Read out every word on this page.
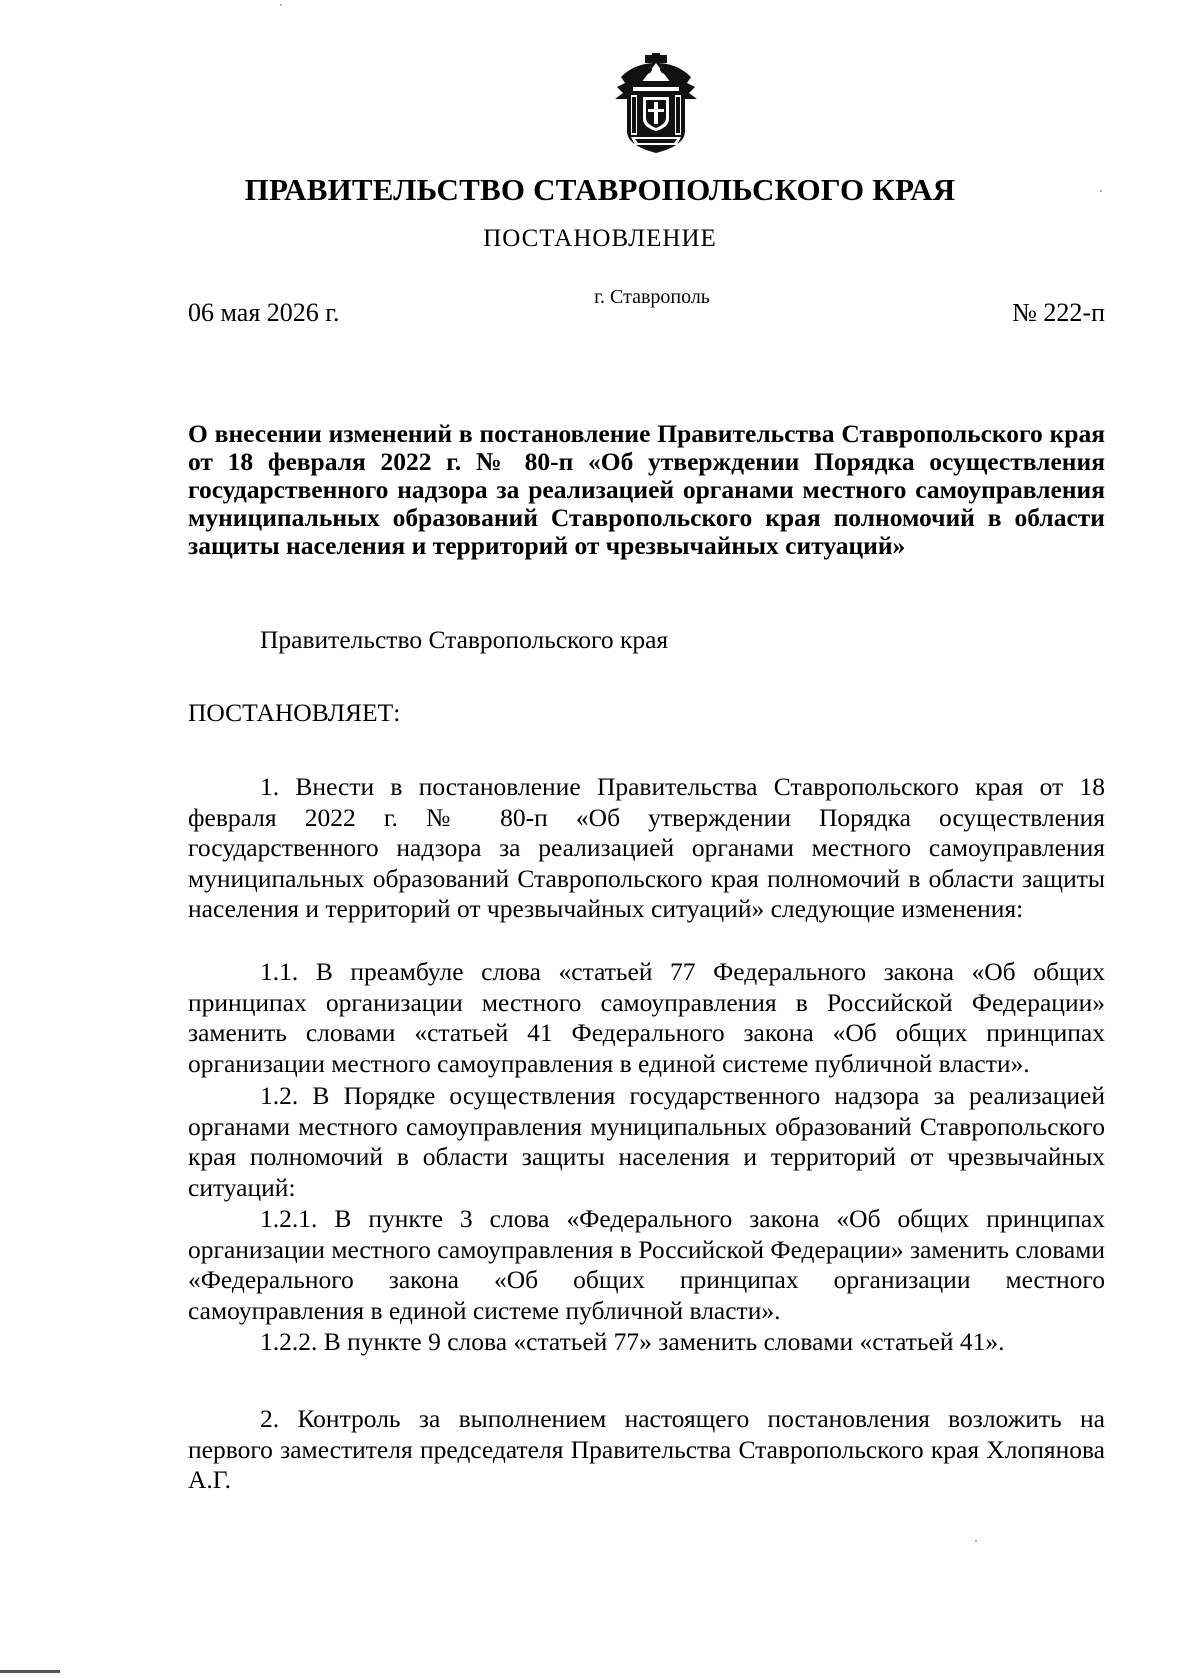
ПРАВИТЕЛЬСТВО СТАВРОПОЛЬСКОГО КРАЯ
ПОСТАНОВЛЕНИЕ
06 мая 2026 г.
г. Ставрополь
№ 222-п

О внесении изменений в постановление Правительства Ставропольского края от 18 февраля 2022 г. № 80-п «Об утверждении Порядка осуществления государственного надзора за реализацией органами местного самоуправления муниципальных образований Ставропольского края полномочий в области защиты населения и территорий от чрезвычайных ситуаций»

Правительство Ставропольского края

ПОСТАНОВЛЯЕТ:

1. Внести в постановление Правительства Ставропольского края от 18 февраля 2022 г. № 80-п «Об утверждении Порядка осуществления государственного надзора за реализацией органами местного самоуправления муниципальных образований Ставропольского края полномочий в области защиты населения и территорий от чрезвычайных ситуаций» следующие изменения:

1.1. В преамбуле слова «статьей 77 Федерального закона «Об общих принципах организации местного самоуправления в Российской Федерации» заменить словами «статьей 41 Федерального закона «Об общих принципах организации местного самоуправления в единой системе публичной власти».

1.2. В Порядке осуществления государственного надзора за реализацией органами местного самоуправления муниципальных образований Ставропольского края полномочий в области защиты населения и территорий от чрезвычайных ситуаций:

1.2.1. В пункте 3 слова «Федерального закона «Об общих принципах организации местного самоуправления в Российской Федерации» заменить словами «Федерального закона «Об общих принципах организации местного самоуправления в единой системе публичной власти».

1.2.2. В пункте 9 слова «статьей 77» заменить словами «статьей 41».

2. Контроль за выполнением настоящего постановления возложить на первого заместителя председателя Правительства Ставропольского края Хлопянова А.Г.
